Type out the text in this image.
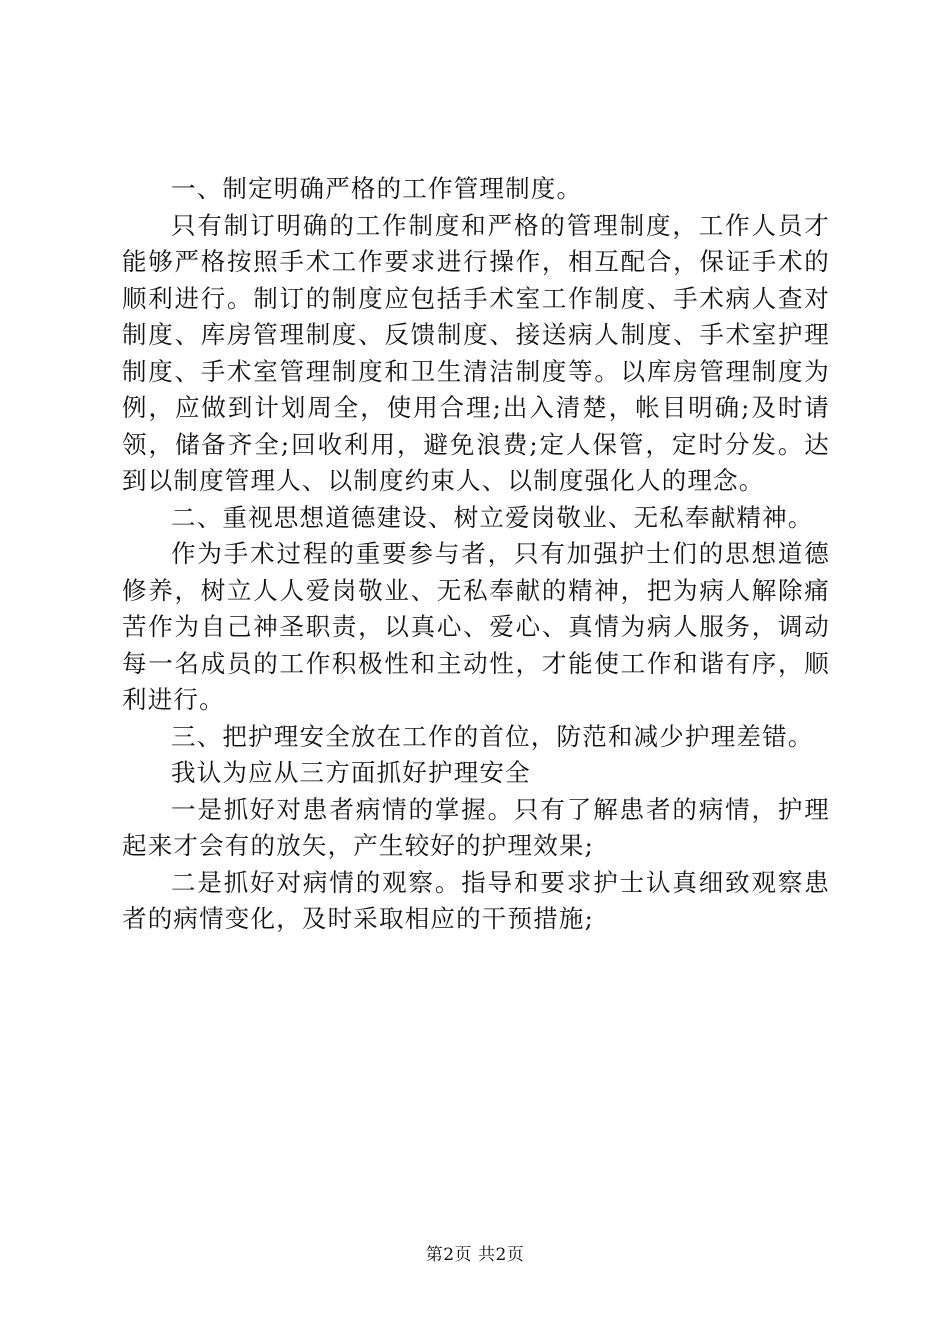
一、制定明确严格的工作管理制度。

只有制订明确的工作制度和严格的管理制度，工作人员才能够严格按照手术工作要求进行操作，相互配合，保证手术的顺利进行。制订的制度应包括手术室工作制度、手术病人查对制度、库房管理制度、反馈制度、接送病人制度、手术室护理制度、手术室管理制度和卫生清洁制度等。以库房管理制度为例，应做到计划周全，使用合理;出入清楚，帐目明确;及时请领，储备齐全;回收利用，避免浪费;定人保管，定时分发。达到以制度管理人、以制度约束人、以制度强化人的理念。

二、重视思想道德建设、树立爱岗敬业、无私奉献精神。

作为手术过程的重要参与者，只有加强护士们的思想道德修养，树立人人爱岗敬业、无私奉献的精神，把为病人解除痛苦作为自己神圣职责，以真心、爱心、真情为病人服务，调动每一名成员的工作积极性和主动性，才能使工作和谐有序，顺利进行。

三、把护理安全放在工作的首位，防范和减少护理差错。

我认为应从三方面抓好护理安全

一是抓好对患者病情的掌握。只有了解患者的病情，护理起来才会有的放矢，产生较好的护理效果;

二是抓好对病情的观察。指导和要求护士认真细致观察患者的病情变化，及时采取相应的干预措施;

第2页 共2页
